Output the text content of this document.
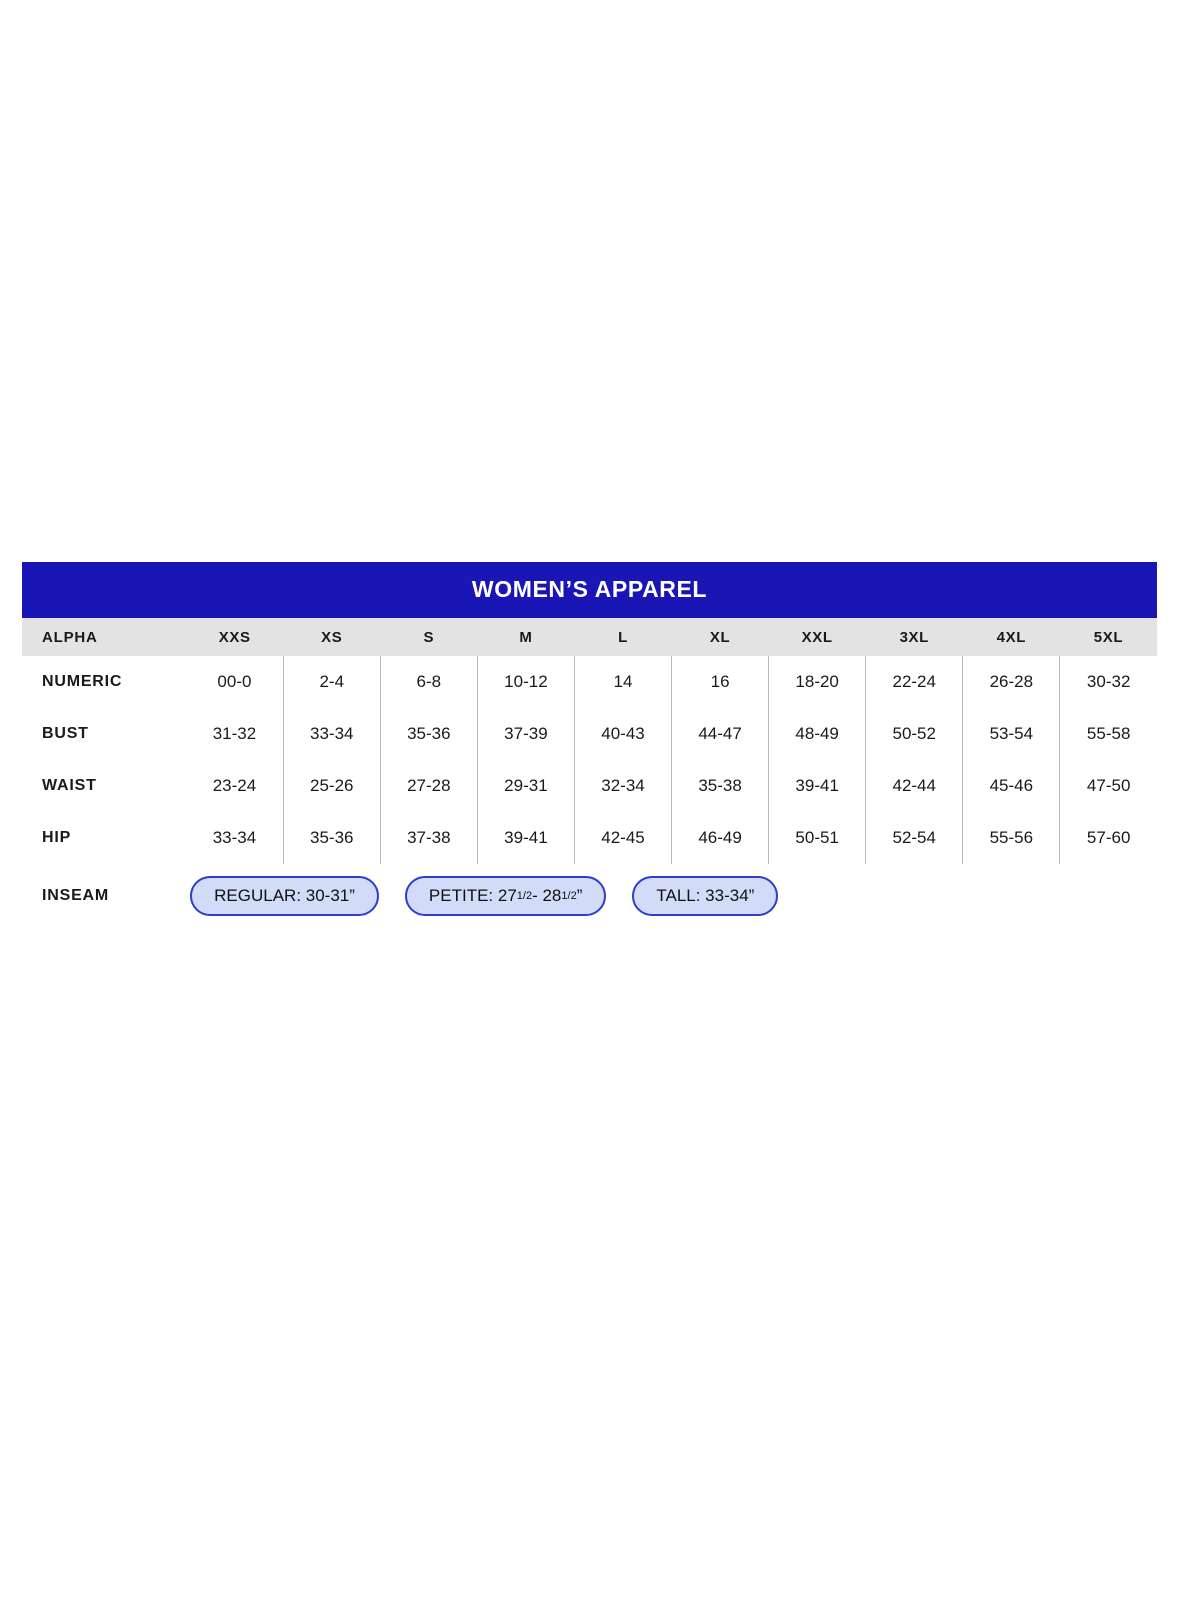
WOMEN’S APPAREL
ALPHA	XXS	XS	S	M	L	XL	XXL	3XL	4XL	5XL
NUMERIC	00-0	2-4	6-8	10-12	14	16	18-20	22-24	26-28	30-32
BUST	31-32	33-34	35-36	37-39	40-43	44-47	48-49	50-52	53-54	55-58
WAIST	23-24	25-26	27-28	29-31	32-34	35-38	39-41	42-44	45-46	47-50
HIP	33-34	35-36	37-38	39-41	42-45	46-49	50-51	52-54	55-56	57-60
INSEAM	REGULAR: 30-31”	PETITE: 27 1/2 - 28 1/2 ”	TALL: 33-34”
